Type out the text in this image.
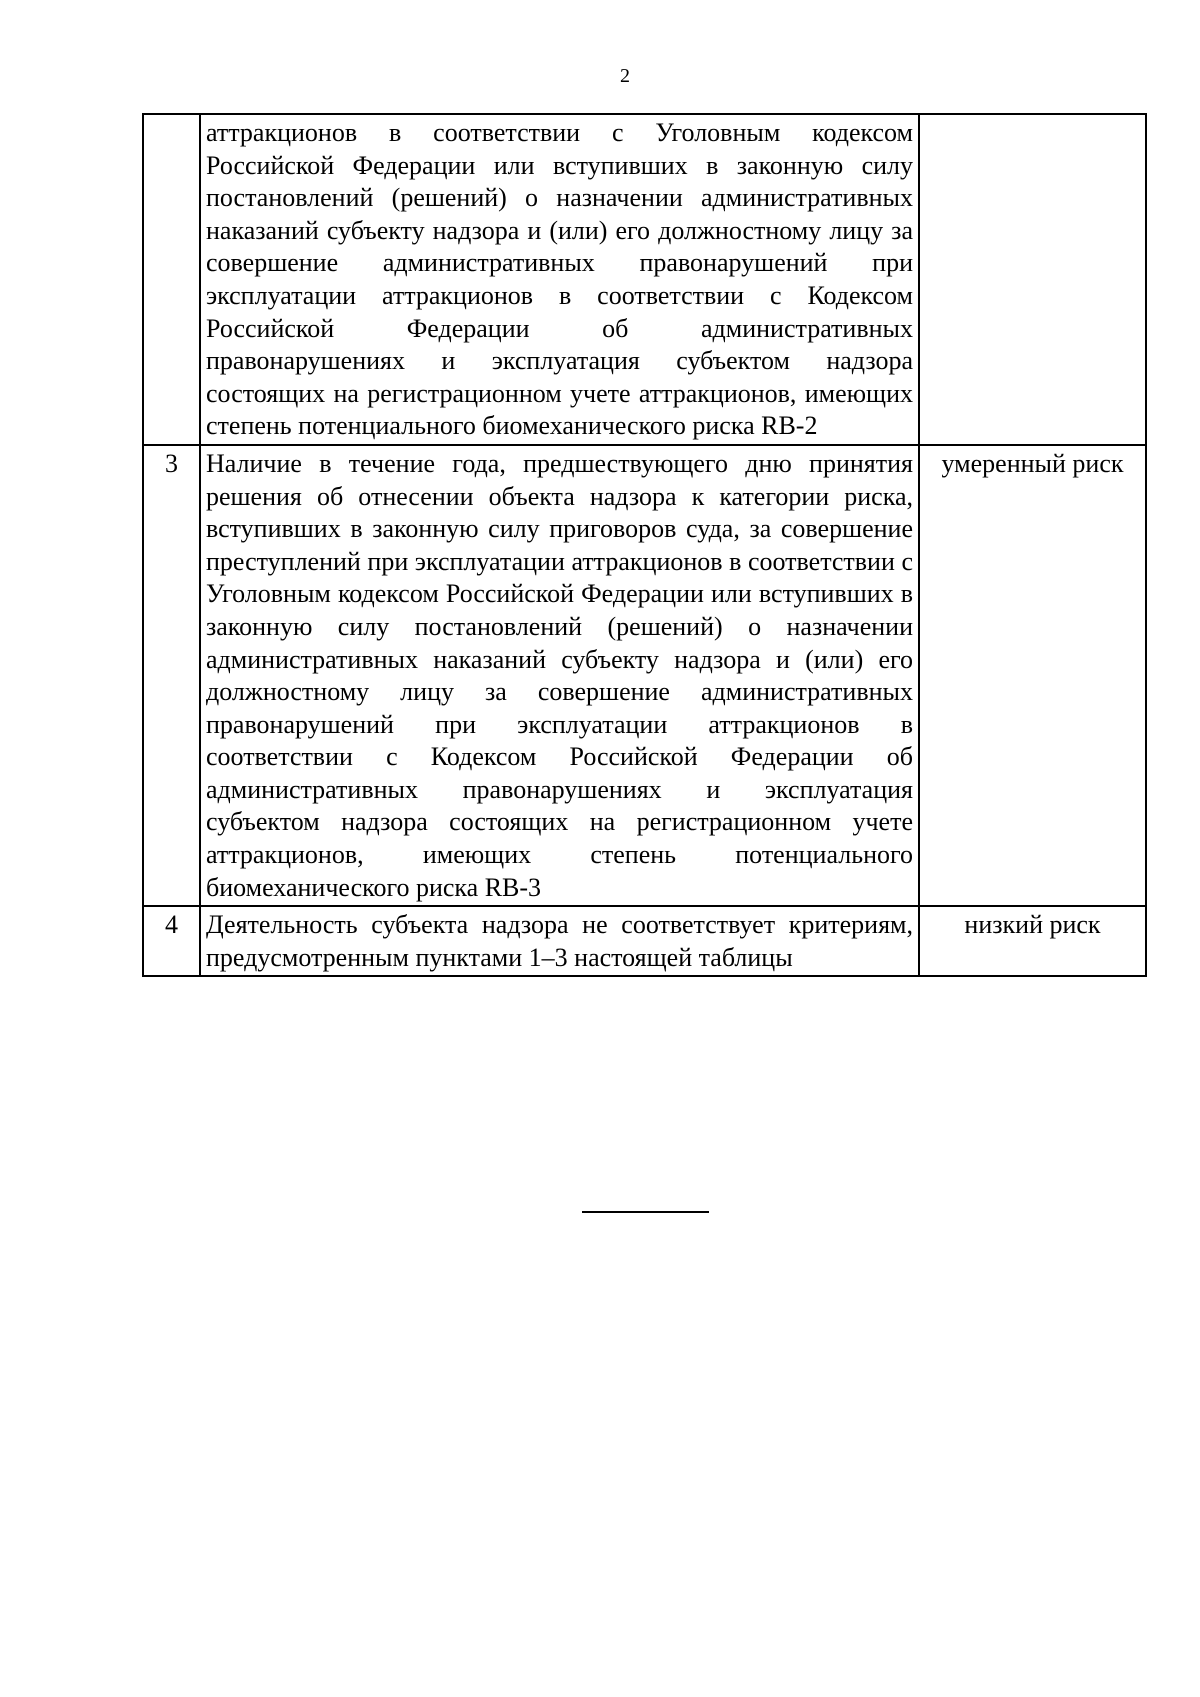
2
	аттракционов в соответствии с Уголовным кодексом Российской Федерации или вступивших в законную силу постановлений (решений) о назначении административных наказаний субъекту надзора и (или) его должностному лицу за совершение административных правонарушений при эксплуатации аттракционов в соответствии с Кодексом Российской Федерации об административных правонарушениях и эксплуатация субъектом надзора состоящих на регистрационном учете аттракционов, имеющих степень потенциального биомеханического риска RB-2	
3	Наличие в течение года, предшествующего дню принятия решения об отнесении объекта надзора к категории риска, вступивших в законную силу приговоров суда, за совершение преступлений при эксплуатации аттракционов в соответствии с Уголовным кодексом Российской Федерации или вступивших в законную силу постановлений (решений) о назначении административных наказаний субъекту надзора и (или) его должностному лицу за совершение административных правонарушений при эксплуатации аттракционов в соответствии с Кодексом Российской Федерации об административных правонарушениях и эксплуатация субъектом надзора состоящих на регистрационном учете аттракционов, имеющих степень потенциального биомеханического риска RB-3	умеренный риск
4	Деятельность субъекта надзора не соответствует критериям, предусмотренным пунктами 1–3 настоящей таблицы	низкий риск
